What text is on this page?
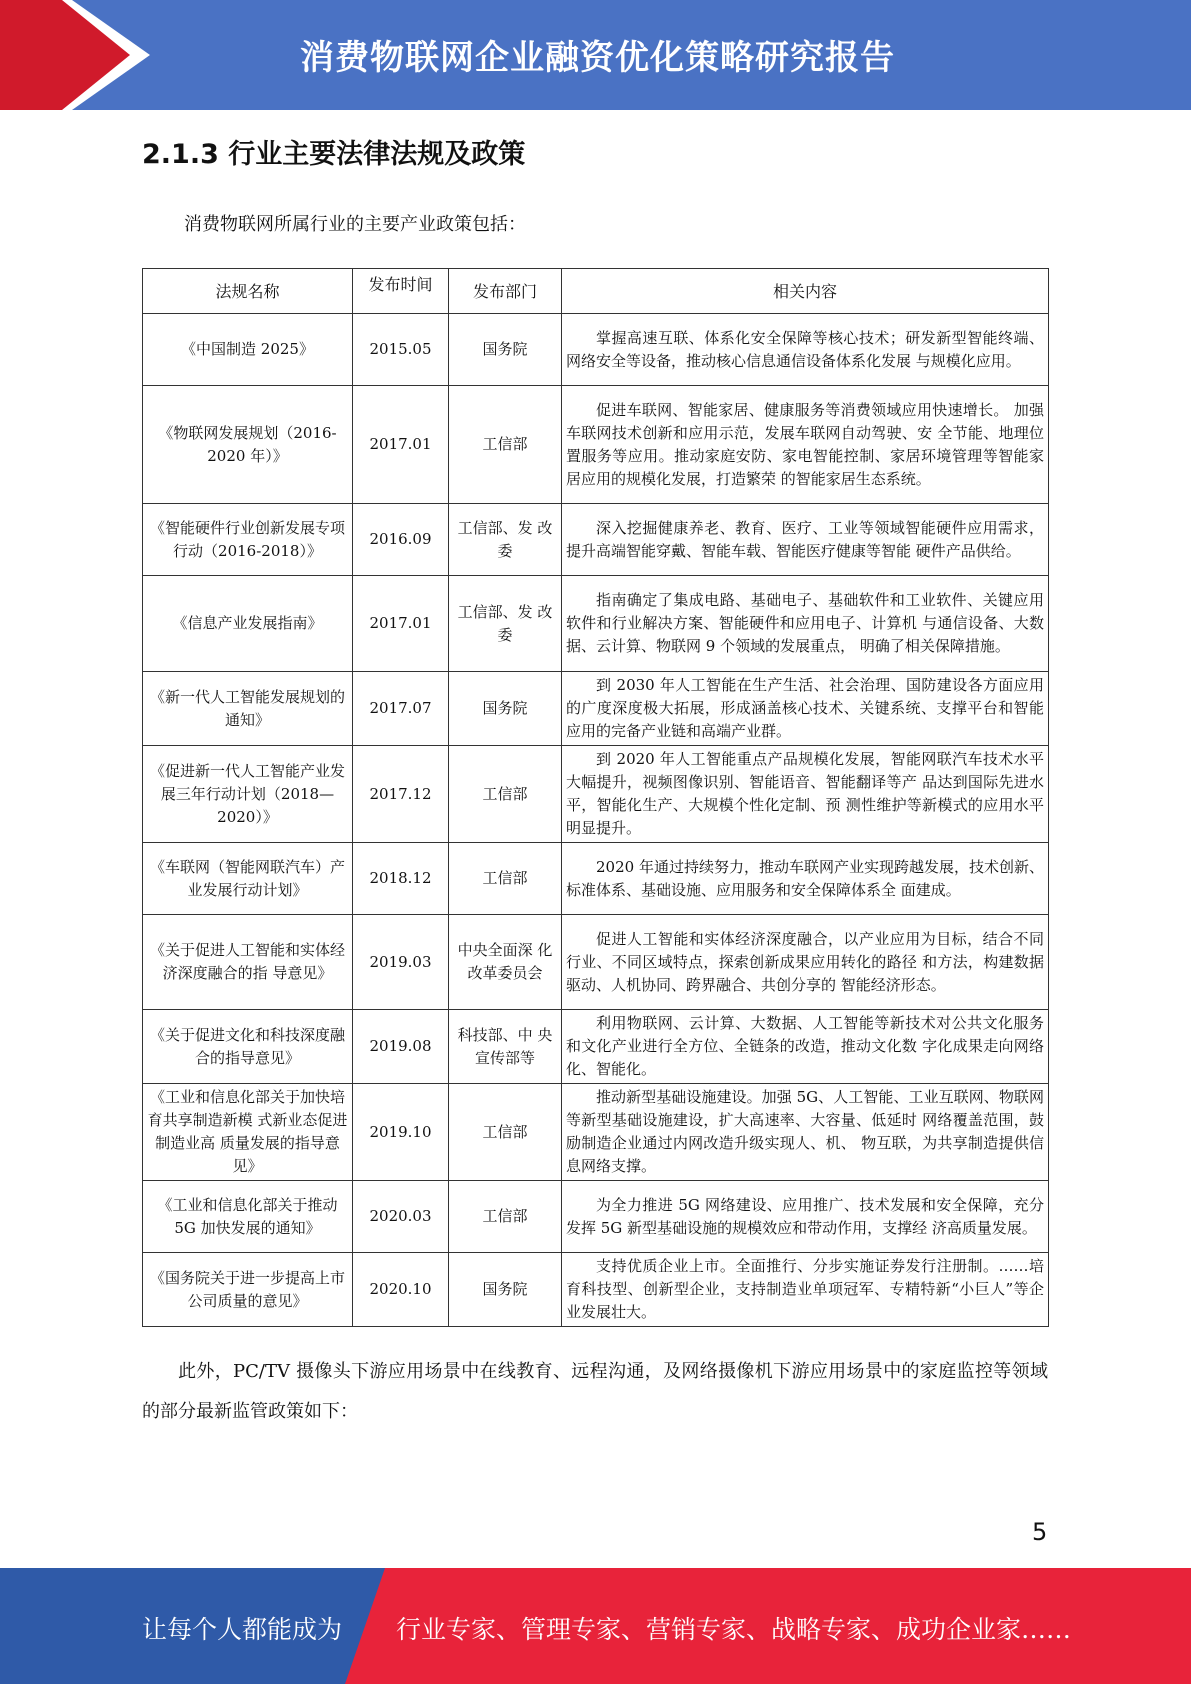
消费物联网企业融资优化策略研究报告
2.1.3 行业主要法律法规及政策
消费物联网所属行业的主要产业政策包括：
法规名称	发布时间	发布部门	相关内容
《中国制造 2025》	2015.05	国务院	掌握高速互联、体系化安全保障等核心技术；研发新型智能终端、网络安全等设备，推动核心信息通信设备体系化发展 与规模化应用。
《物联网发展规划（2016-2020 年）》	2017.01	工信部	促进车联网、智能家居、健康服务等消费领域应用快速增长。 加强车联网技术创新和应用示范，发展车联网自动驾驶、安 全节能、地理位置服务等应用。推动家庭安防、家电智能控制、家居环境管理等智能家居应用的规模化发展，打造繁荣 的智能家居生态系统。
《智能硬件行业创新发展专项行动（2016-2018）》	2016.09	工信部、发 改委	深入挖掘健康养老、教育、医疗、工业等领域智能硬件应用需求，提升高端智能穿戴、智能车载、智能医疗健康等智能 硬件产品供给。
《信息产业发展指南》	2017.01	工信部、发 改委	指南确定了集成电路、基础电子、基础软件和工业软件、关键应用软件和行业解决方案、智能硬件和应用电子、计算机 与通信设备、大数据、云计算、物联网 9 个领域的发展重点， 明确了相关保障措施。
《新一代人工智能发展规划的通知》	2017.07	国务院	到 2030 年人工智能在生产生活、社会治理、国防建设各方面应用的广度深度极大拓展，形成涵盖核心技术、关键系统、支撑平台和智能应用的完备产业链和高端产业群。
《促进新一代人工智能产业发展三年行动计划（2018—2020）》	2017.12	工信部	到 2020 年人工智能重点产品规模化发展，智能网联汽车技术水平大幅提升，视频图像识别、智能语音、智能翻译等产 品达到国际先进水平，智能化生产、大规模个性化定制、预 测性维护等新模式的应用水平明显提升。
《车联网（智能网联汽车）产业发展行动计划》	2018.12	工信部	2020 年通过持续努力，推动车联网产业实现跨越发展，技术创新、标准体系、基础设施、应用服务和安全保障体系全 面建成。
《关于促进人工智能和实体经济深度融合的指 导意见》	2019.03	中央全面深 化改革委员会	促进人工智能和实体经济深度融合，以产业应用为目标，结合不同行业、不同区域特点，探索创新成果应用转化的路径 和方法，构建数据驱动、人机协同、跨界融合、共创分享的 智能经济形态。
《关于促进文化和科技深度融合的指导意见》	2019.08	科技部、中 央宣传部等	利用物联网、云计算、大数据、人工智能等新技术对公共文化服务和文化产业进行全方位、全链条的改造，推动文化数 字化成果走向网络化、智能化。
《工业和信息化部关于加快培育共享制造新模 式新业态促进制造业高 质量发展的指导意见》	2019.10	工信部	推动新型基础设施建设。加强 5G、人工智能、工业互联网、物联网等新型基础设施建设，扩大高速率、大容量、低延时 网络覆盖范围，鼓励制造企业通过内网改造升级实现人、机、 物互联，为共享制造提供信息网络支撑。
《工业和信息化部关于推动 5G 加快发展的通知》	2020.03	工信部	为全力推进 5G 网络建设、应用推广、技术发展和安全保障，充分发挥 5G 新型基础设施的规模效应和带动作用，支撑经 济高质量发展。
《国务院关于进一步提高上市公司质量的意见》	2020.10	国务院	支持优质企业上市。全面推行、分步实施证券发行注册制。……培育科技型、创新型企业，支持制造业单项冠军、专精特新“小巨人”等企业发展壮大。
此外，PC/TV 摄像头下游应用场景中在线教育、远程沟通，及网络摄像机下游应用场景中的家庭监控等领域的部分最新监管政策如下：
5
让每个人都能成为 行业专家、管理专家、营销专家、战略专家、成功企业家……
